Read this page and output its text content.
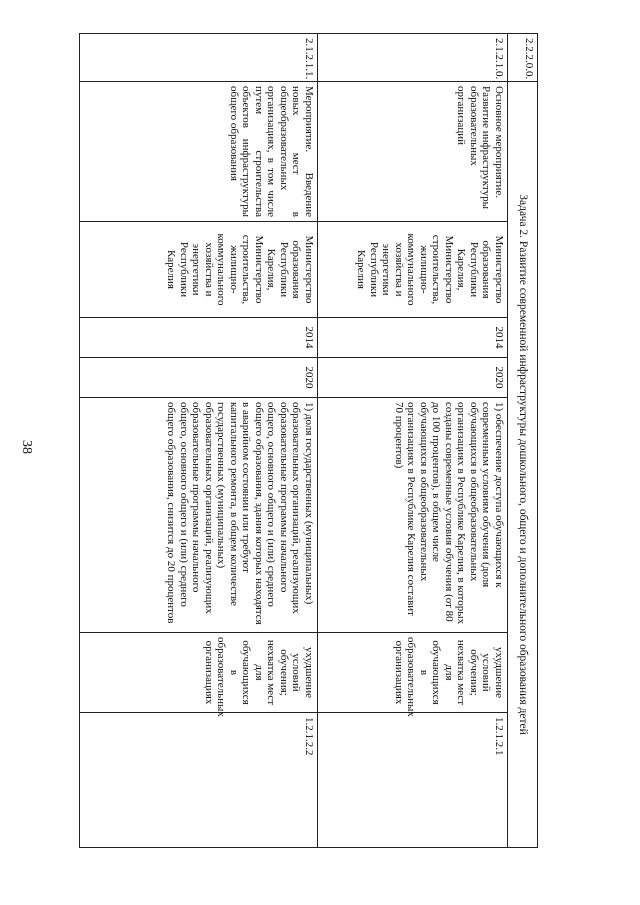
38
2.2.2.0.0.	Задача 2. Развитие современной инфраструктуры дошкольного, общего и дополнительного образования детей						
2.1.2.1.0.	Основное мероприятие. Развитие инфраструктуры образовательных организаций	Министерство образования Республики Карелия, Министерство строительства, жилищно-коммунального хозяйства и энергетики Республики Карелия	2014	2020	1) обеспечение доступа обучающихся к современным условиям обучения (доля обучающихся в общеобразовательных организациях в Республике Карелия, в которых созданы современные условия обучения (от 80 до 100 процентов), в общем числе обучающихся в общеобразовательных организациях в Республике Карелия составит 70 процентов)	ухудшение условий обучения; нехватка мест для обучающихся в образовательных организациях	1.2.1.2.1
2.1.2.1.1.	Мероприятие. Введение новых мест в общеобразовательных организациях, в том числе путем строительства объектов инфраструктуры общего образования	Министерство образования Республики Карелия, Министерство строительства, жилищно-коммунального хозяйства и энергетики Республики Карелия	2014	2020	1) доля государственных (муниципальных) образовательных организаций, реализующих образовательные программы начального общего, основного общего и (или) среднего общего образования, здания которых находятся в аварийном состоянии или требуют капитального ремонта, в общем количестве государственных (муниципальных) образовательных организаций, реализующих образовательные программы начального общего, основного общего и (или) среднего общего образования, снизится до 20 процентов	ухудшение условий обучения; нехватка мест для обучающихся в образовательных организациях	1.2.1.2.2
